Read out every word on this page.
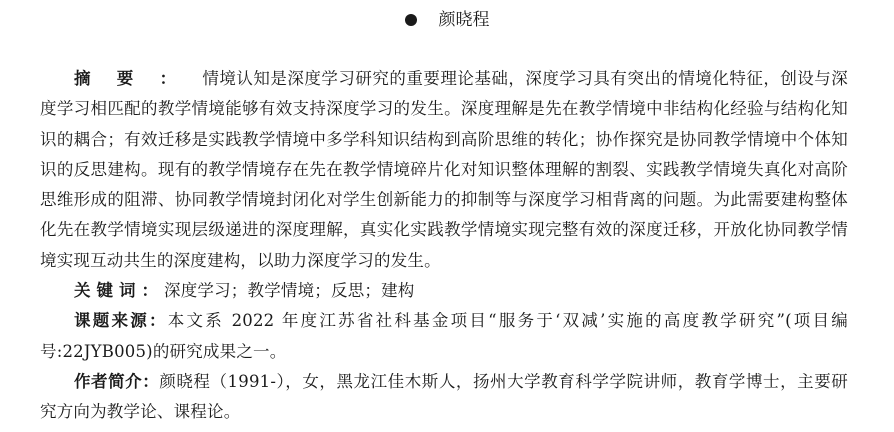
颜晓程

摘要：情境认知是深度学习研究的重要理论基础，深度学习具有突出的情境化特征，创设与深度学习相匹配的教学情境能够有效支持深度学习的发生。深度理解是先在教学情境中非结构化经验与结构化知识的耦合；有效迁移是实践教学情境中多学科知识结构到高阶思维的转化；协作探究是协同教学情境中个体知识的反思建构。现有的教学情境存在先在教学情境碎片化对知识整体理解的割裂、实践教学情境失真化对高阶思维形成的阻滞、协同教学情境封闭化对学生创新能力的抑制等与深度学习相背离的问题。为此需要建构整体化先在教学情境实现层级递进的深度理解，真实化实践教学情境实现完整有效的深度迁移，开放化协同教学情境实现互动共生的深度建构，以助力深度学习的发生。

关键词：深度学习；教学情境；反思；建构

课题来源：本文系 2022 年度江苏省社科基金项目“服务于‘双减’实施的高度教学研究”(项目编号:22JYB005)的研究成果之一。

作者简介：颜晓程（1991-），女，黑龙江佳木斯人，扬州大学教育科学学院讲师，教育学博士，主要研究方向为教学论、课程论。
